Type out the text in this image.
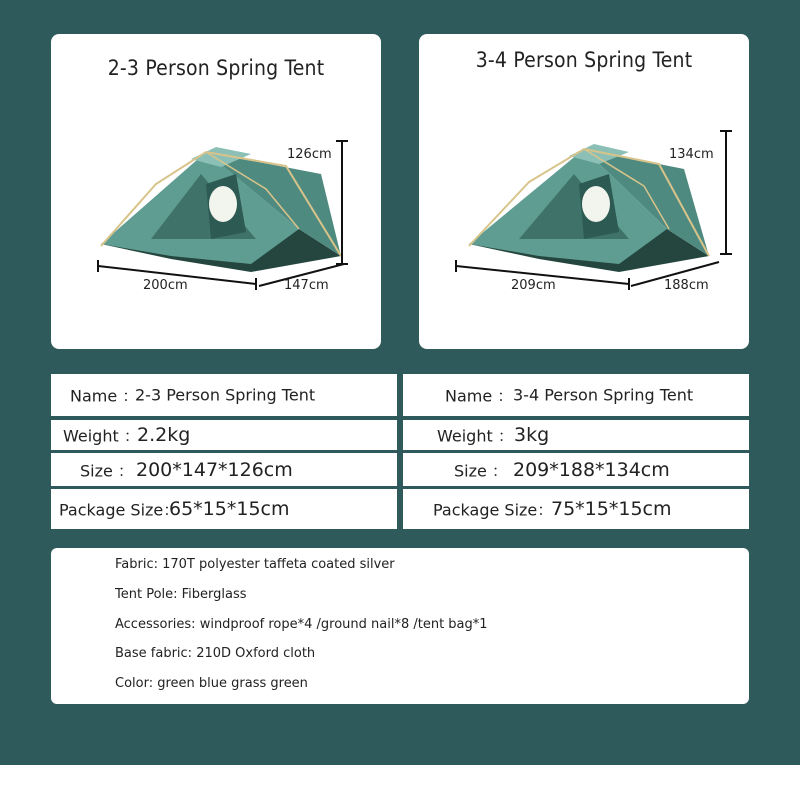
2-3 Person Spring Tent
126cm
200cm	147cm
3-4 Person Spring Tent
134cm
209cm	188cm
Name ：
2-3 Person Spring Tent
Weight ：
2.2kg
Size ： 200*147*126cm
Package Size：
65*15*15cm
Name ： 3-4 Person Spring Tent
Weight ： 3kg
Size ： 209*188*134cm
Package Size：
75*15*15cm
Fabric: 170T polyester taffeta coated silver
Tent Pole: Fiberglass
Accessories: windproof rope*4 /ground nail*8 /tent bag*1
Base fabric: 210D Oxford cloth
Color: green blue grass green
